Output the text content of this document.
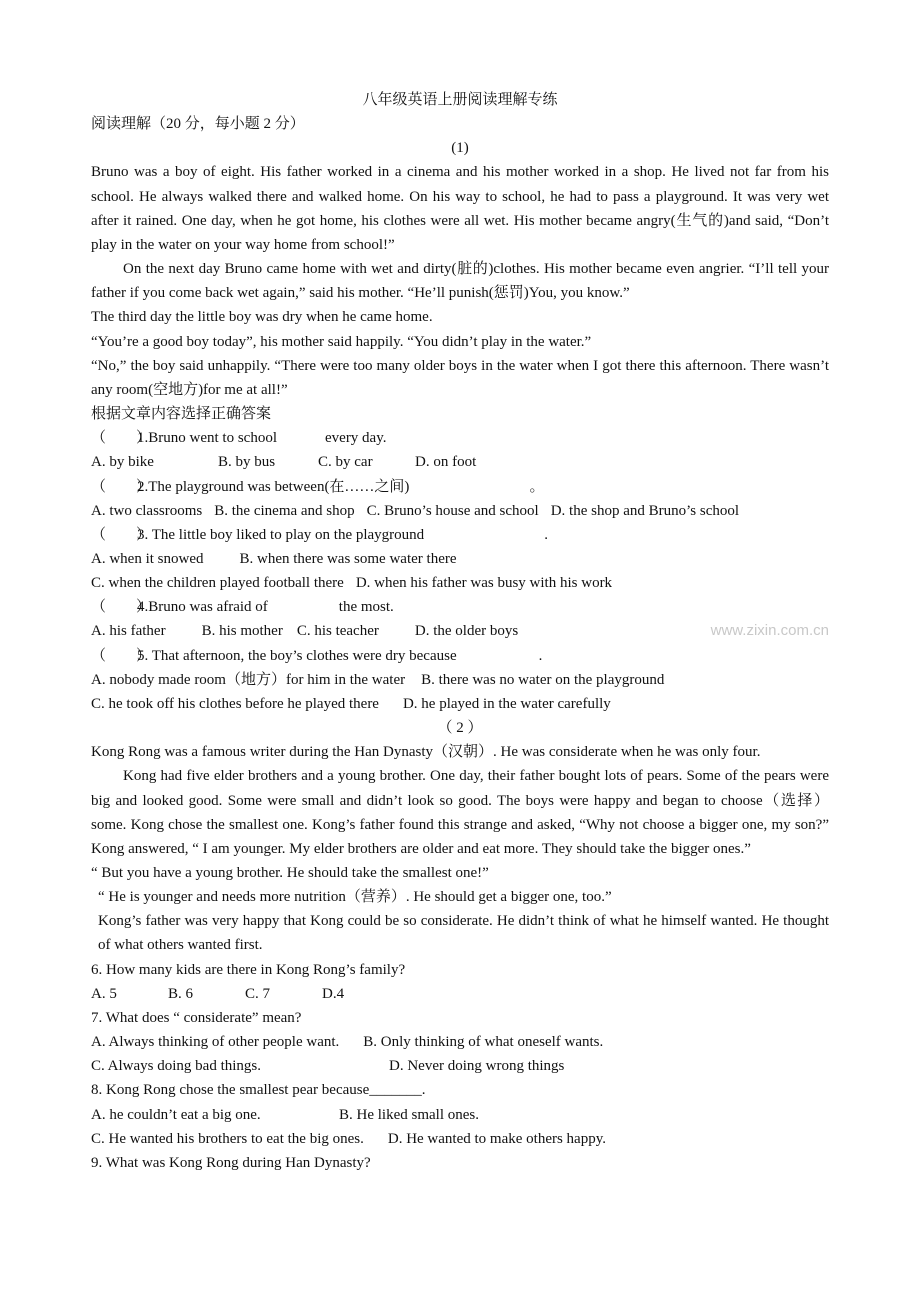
八年级英语上册阅读理解专练
阅读理解（20 分，每小题 2 分）
(1)
Bruno was a boy of eight. His father worked in a cinema and his mother worked in a shop. He lived not far from his school. He always walked there and walked home. On his way to school, he had to pass a playground. It was very wet after it rained. One day, when he got home, his clothes were all wet. His mother became angry(生气的)and said, “Don’t play in the water on your way home from school!”
On the next day Bruno came home with wet and dirty(脏的)clothes. His mother became even angrier. “I’ll tell your father if you come back wet again,” said his mother. “He’ll punish(惩罚)You, you know.”
The third day the little boy was dry when he came home.
“You’re a good boy today”, his mother said happily. “You didn’t play in the water.”
“No,” the boy said unhappily. “There were too many older boys in the water when I got there this afternoon. There wasn’t any room(空地方)for me at all!”
根据文章内容选择正确答案
（　　）1.Bruno went to school	every day.
A. by bike	B. by bus	C. by car	D. on foot
（　　）2.The playground was between(在……之间)	。
A. two classrooms B. the cinema and shop C. Bruno’s house and school D. the shop and Bruno’s school
（　　）3. The little boy liked to play on the playground	.
A. when it snowed B. when there was some water there
C. when the children played football there D. when his father was busy with his work
（　　）4.Bruno was afraid of	the most.
A. his father B. his mother C. his teacher D. the older boys	www.zixin.com.cn
（　　）5. That afternoon, the boy’s clothes were dry because	.
A. nobody made room（地方）for him in the water B. there was no water on the playground
C. he took off his clothes before he played there D. he played in the water carefully
（ 2 ）
Kong Rong was a famous writer during the Han Dynasty（汉朝）. He was considerate when he was only four.
Kong had five elder brothers and a young brother. One day, their father bought lots of pears. Some of the pears were big and looked good. Some were small and didn’t look so good. The boys were happy and began to choose（选择） some. Kong chose the smallest one. Kong’s father found this strange and asked, “Why not choose a bigger one, my son?” Kong answered, “ I am younger. My elder brothers are older and eat more. They should take the bigger ones.”
“ But you have a young brother. He should take the smallest one!”
“ He is younger and needs more nutrition（营养）. He should get a bigger one, too.”
Kong’s father was very happy that Kong could be so considerate. He didn’t think of what he himself wanted. He thought of what others wanted first.
6. How many kids are there in Kong Rong’s family?
A. 5	B. 6	C. 7	D.4
7. What does “ considerate” mean?
A. Always thinking of other people want. B. Only thinking of what oneself wants.
C. Always doing bad things.	D. Never doing wrong things
8. Kong Rong chose the smallest pear because_______.
A. he couldn’t eat a big one.	B. He liked small ones.
C. He wanted his brothers to eat the big ones. D. He wanted to make others happy.
9. What was Kong Rong during Han Dynasty?
